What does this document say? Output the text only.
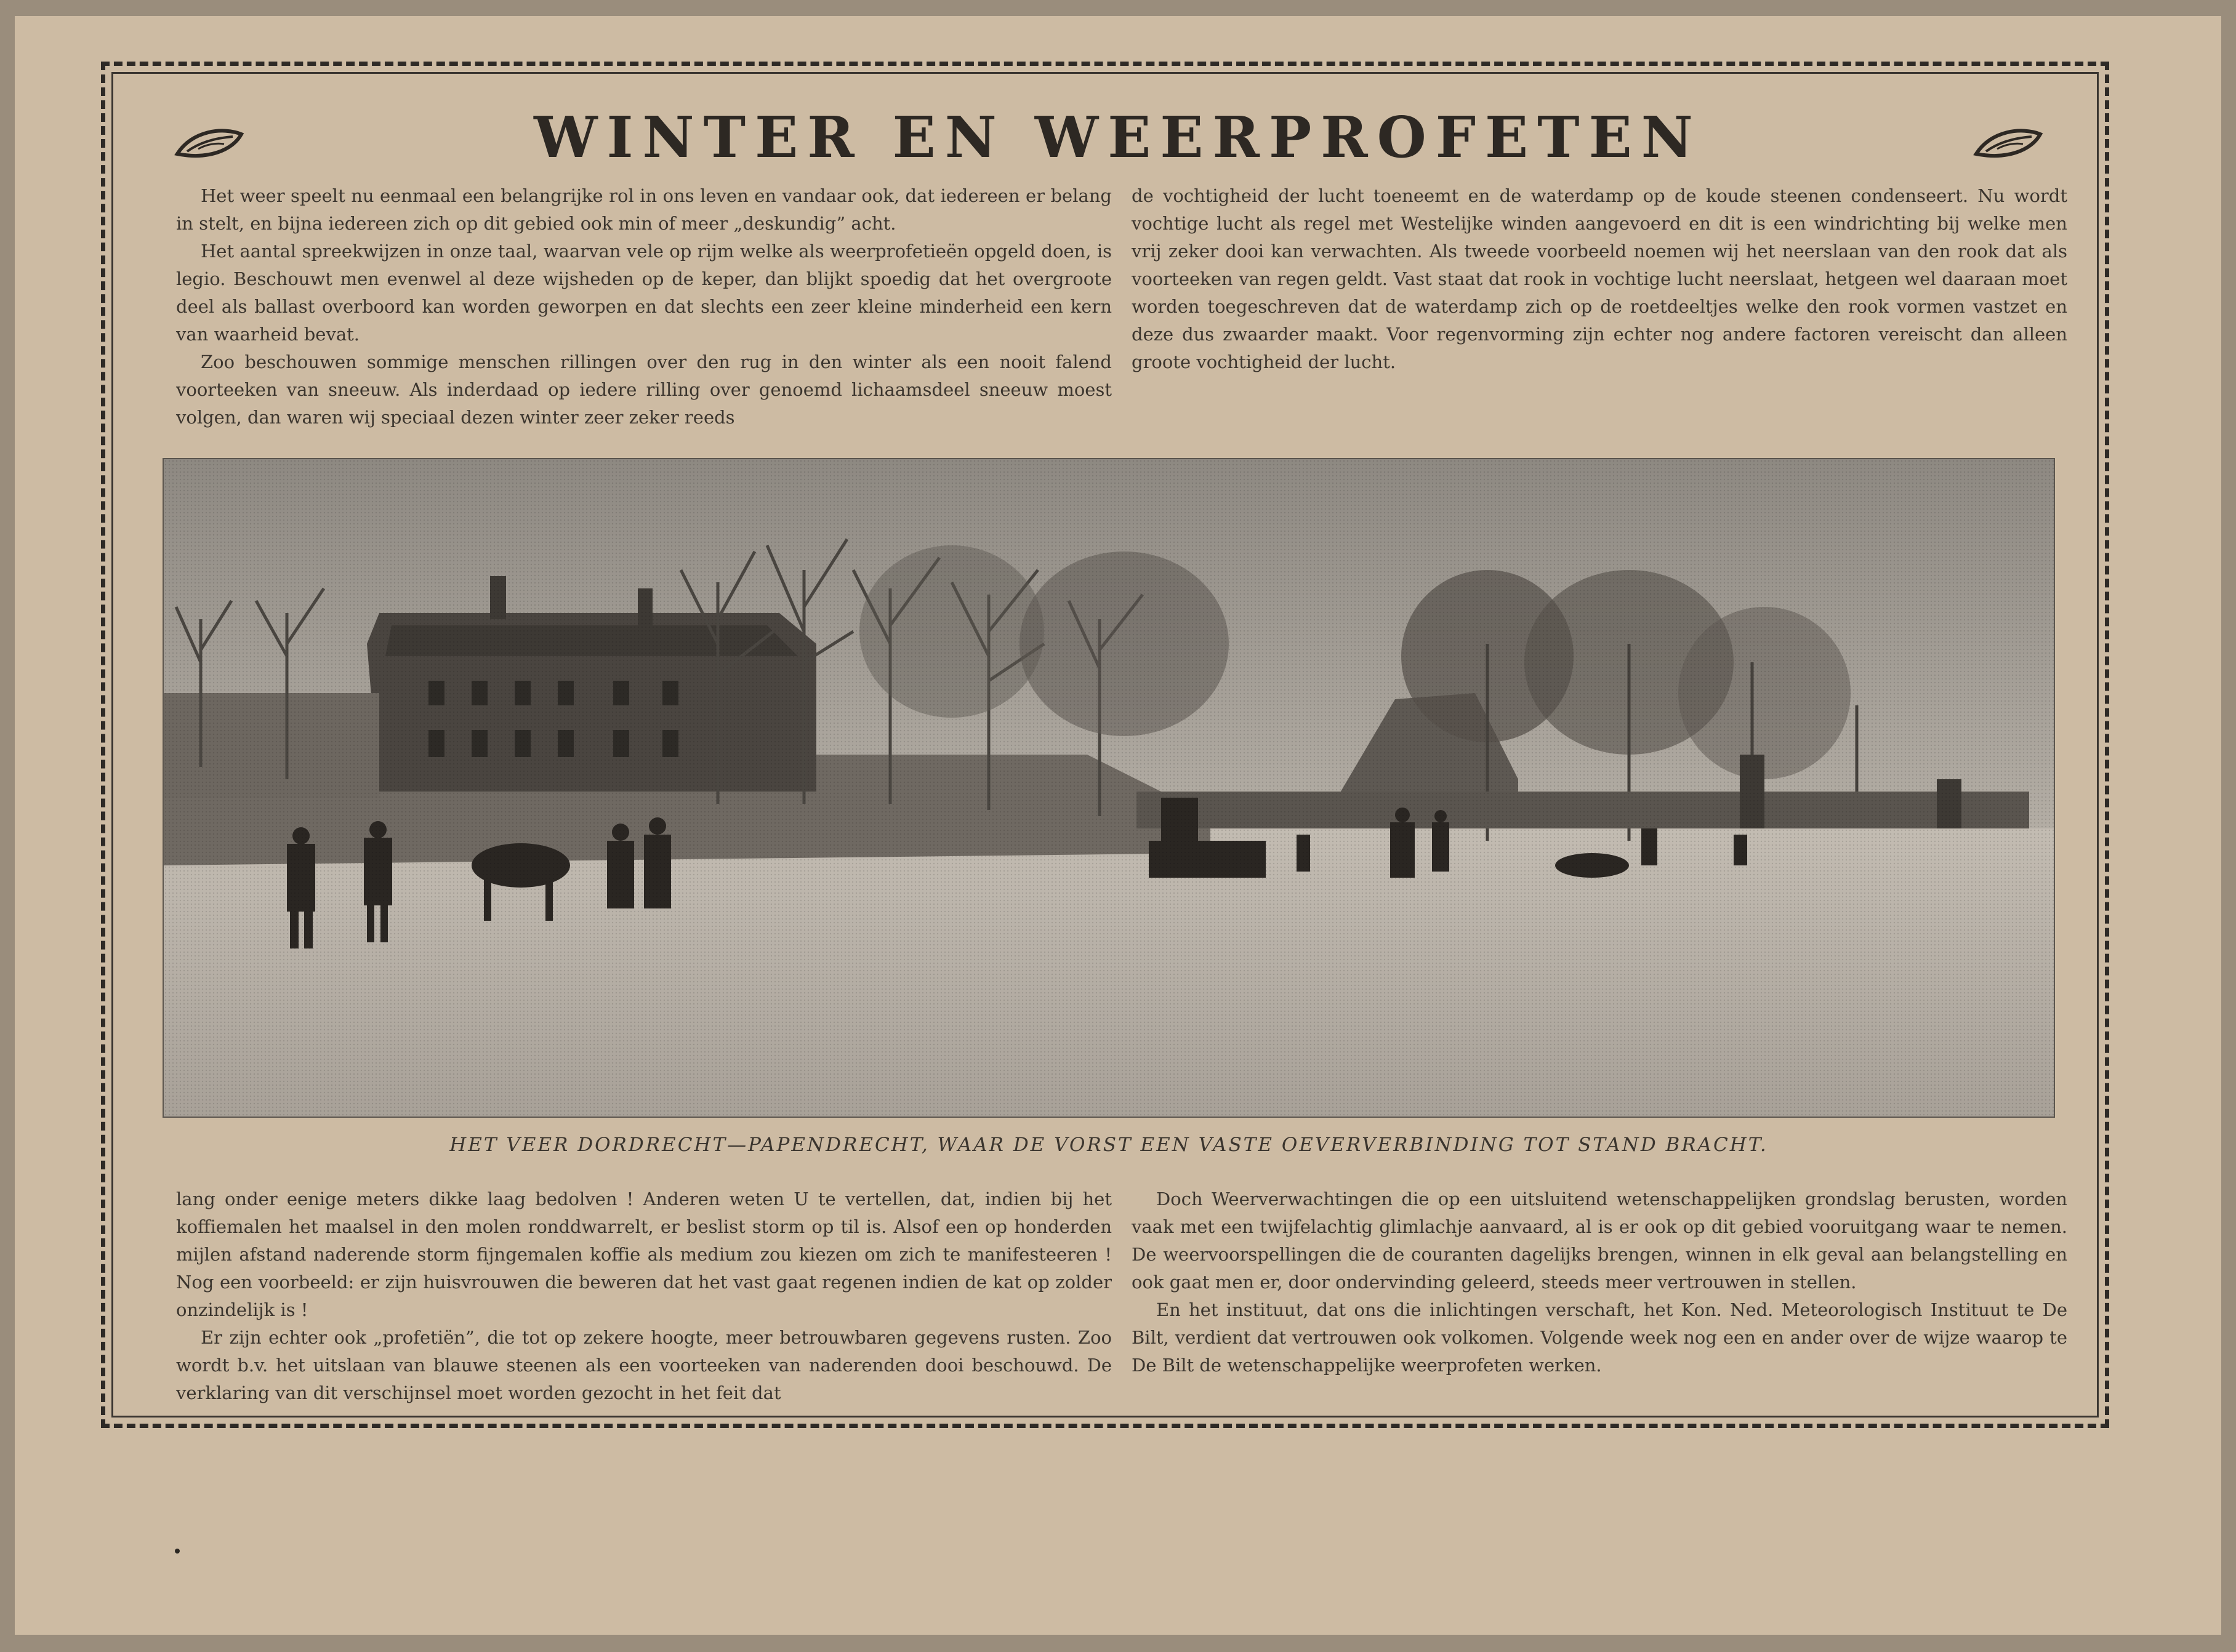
WINTER EN WEERPROFETEN

Het weer speelt nu eenmaal een belangrijke rol in ons leven en vandaar ook, dat iedereen er belang in stelt, en bijna iedereen zich op dit gebied ook min of meer „deskundig” acht.

Het aantal spreekwijzen in onze taal, waarvan vele op rijm welke als weerprofetieën opgeld doen, is legio. Beschouwt men evenwel al deze wijsheden op de keper, dan blijkt spoedig dat het overgroote deel als ballast overboord kan worden geworpen en dat slechts een zeer kleine minderheid een kern van waarheid bevat.

Zoo beschouwen sommige menschen rillingen over den rug in den winter als een nooit falend voorteeken van sneeuw. Als inderdaad op iedere rilling over genoemd lichaamsdeel sneeuw moest volgen, dan waren wij speciaal dezen winter zeer zeker reeds

de vochtigheid der lucht toeneemt en de waterdamp op de koude steenen condenseert. Nu wordt vochtige lucht als regel met Westelijke winden aangevoerd en dit is een windrichting bij welke men vrij zeker dooi kan verwachten. Als tweede voorbeeld noemen wij het neerslaan van den rook dat als voorteeken van regen geldt. Vast staat dat rook in vochtige lucht neerslaat, hetgeen wel daaraan moet worden toegeschreven dat de waterdamp zich op de roetdeeltjes welke den rook vormen vastzet en deze dus zwaarder maakt. Voor regenvorming zijn echter nog andere factoren vereischt dan alleen groote vochtigheid der lucht.

HET VEER DORDRECHT—PAPENDRECHT, WAAR DE VORST EEN VASTE OEVERVERBINDING TOT STAND BRACHT.

lang onder eenige meters dikke laag bedolven ! Anderen weten U te vertellen, dat, indien bij het koffiemalen het maalsel in den molen ronddwarrelt, er beslist storm op til is. Alsof een op honderden mijlen afstand naderende storm fijngemalen koffie als medium zou kiezen om zich te manifesteeren ! Nog een voorbeeld: er zijn huisvrouwen die beweren dat het vast gaat regenen indien de kat op zolder onzindelijk is !

Er zijn echter ook „profetiën”, die tot op zekere hoogte, meer betrouwbaren gegevens rusten. Zoo wordt b.v. het uitslaan van blauwe steenen als een voorteeken van naderenden dooi beschouwd. De verklaring van dit verschijnsel moet worden gezocht in het feit dat

Doch Weerverwachtingen die op een uitsluitend wetenschappelijken grondslag berusten, worden vaak met een twijfelachtig glimlachje aanvaard, al is er ook op dit gebied vooruitgang waar te nemen. De weervoorspellingen die de couranten dagelijks brengen, winnen in elk geval aan belangstelling en ook gaat men er, door ondervinding geleerd, steeds meer vertrouwen in stellen.

En het instituut, dat ons die inlichtingen verschaft, het Kon. Ned. Meteorologisch Instituut te De Bilt, verdient dat vertrouwen ook volkomen. Volgende week nog een en ander over de wijze waarop te De Bilt de wetenschappelijke weerprofeten werken.
